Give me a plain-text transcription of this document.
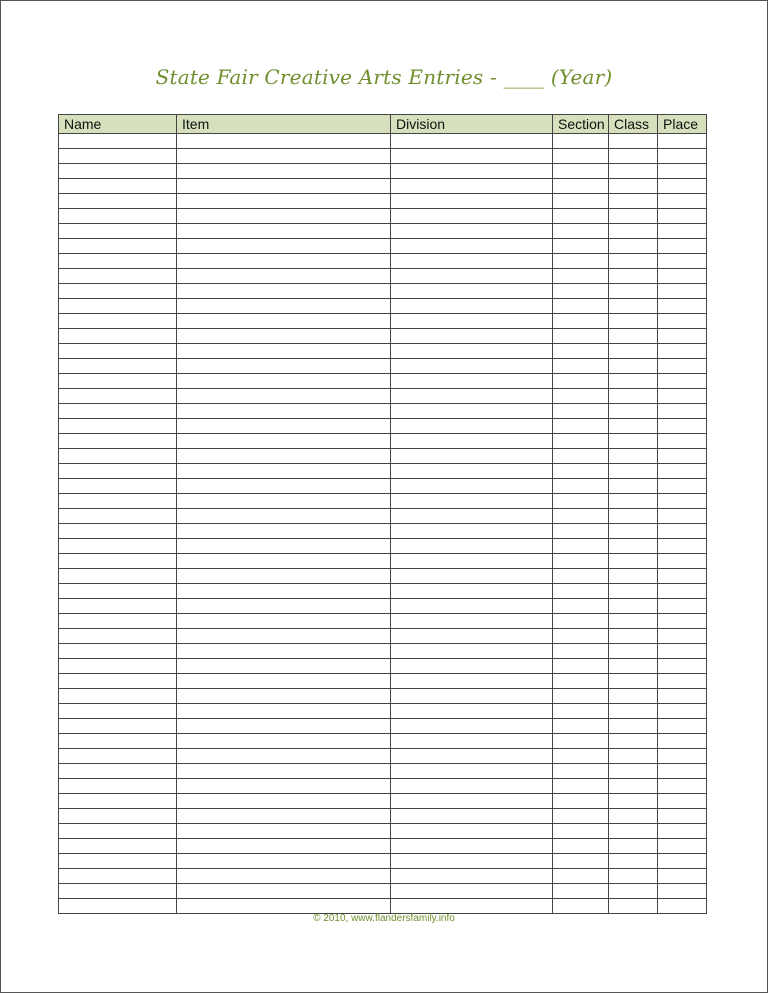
State Fair Creative Arts Entries - ____ (Year)
Name	Item	Division	Section	Class	Place

© 2010, www.flandersfamily.info
